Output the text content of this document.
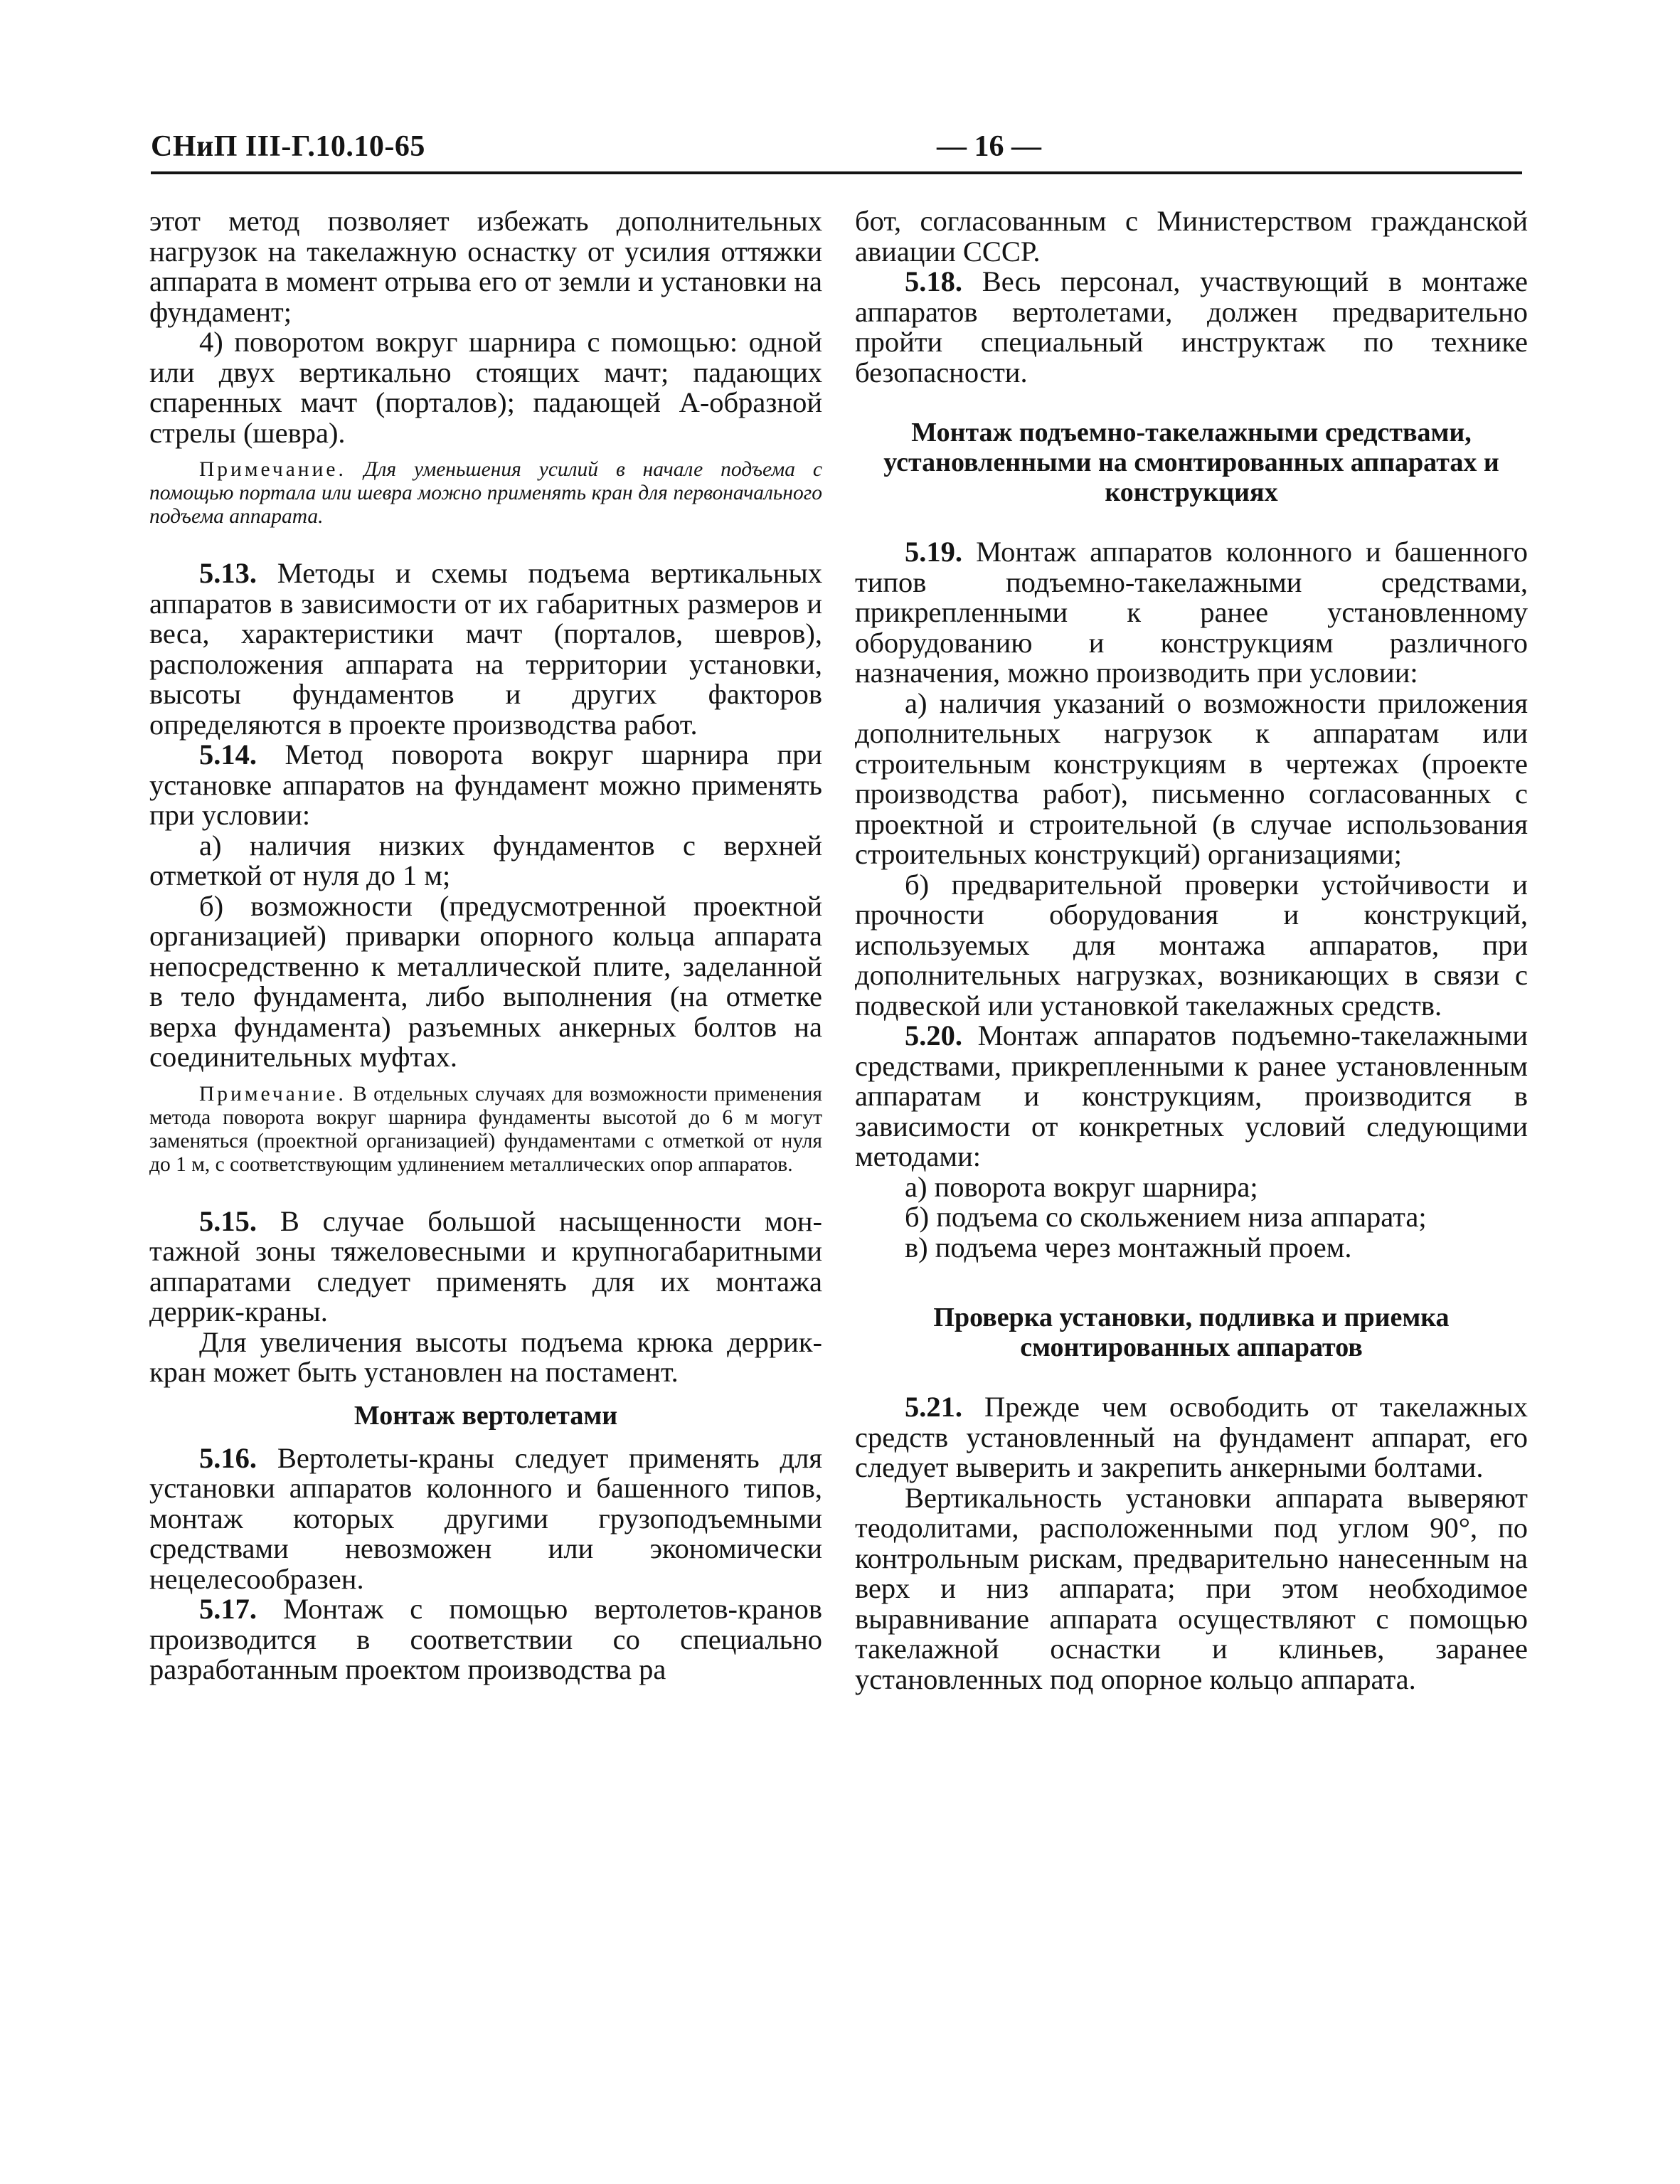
СНиП III-Г.10.10-65	— 16 —

этот метод позволяет избежать дополнительных нагрузок на такелажную оснастку от усилия оттяжки аппарата в момент отрыва его от земли и установки на фундамент;

4) поворотом вокруг шарнира с помощью: одной или двух вертикально стоящих мачт; падающих спаренных мачт (порталов); падающей А-образной стрелы (шевра).

Примечание. Для уменьшения усилий в начале подъема с помощью портала или шевра можно применять кран для первоначального подъема аппарата.

5.13. Методы и схемы подъема вертикальных аппаратов в зависимости от их габаритных размеров и веса, характеристики мачт (порталов, шевров), расположения аппарата на территории установки, высоты фундаментов и других факторов определяются в проекте производства работ.

5.14. Метод поворота вокруг шарнира при установке аппаратов на фундамент можно применять при условии:

а) наличия низких фундаментов с верхней отметкой от нуля до 1 м;

б) возможности (предусмотренной проектной организацией) приварки опорного кольца аппарата непосредственно к металлической плите, заделанной в тело фундамента, либо выполнения (на отметке верха фундамента) разъемных анкерных болтов на соединительных муфтах.

Примечание. В отдельных случаях для возможности применения метода поворота вокруг шарнира фундаменты высотой до 6 м могут заменяться (проектной организацией) фундаментами с отметкой от нуля до 1 м, с соответствующим удлинением металлических опор аппаратов.

5.15. В случае большой насыщенности монтажной зоны тяжеловесными и крупногабаритными аппаратами следует применять для их монтажа деррик-краны.

Для увеличения высоты подъема крюка деррик-кран может быть установлен на постамент.

Монтаж вертолетами

5.16. Вертолеты-краны следует применять для установки аппаратов колонного и башенного типов, монтаж которых другими грузоподъемными средствами невозможен или экономически нецелесообразен.

5.17. Монтаж с помощью вертолетов-кранов производится в соответствии со специально разработанным проектом производства ра

бот, согласованным с Министерством гражданской авиации СССР.

5.18. Весь персонал, участвующий в монтаже аппаратов вертолетами, должен предварительно пройти специальный инструктаж по технике безопасности.

Монтаж подъемно-такелажными средствами, установленными на смонтированных аппаратах и конструкциях

5.19. Монтаж аппаратов колонного и башенного типов подъемно-такелажными средствами, прикрепленными к ранее установленному оборудованию и конструкциям различного назначения, можно производить при условии:

а) наличия указаний о возможности приложения дополнительных нагрузок к аппаратам или строительным конструкциям в чертежах (проекте производства работ), письменно согласованных с проектной и строительной (в случае использования строительных конструкций) организациями;

б) предварительной проверки устойчивости и прочности оборудования и конструкций, используемых для монтажа аппаратов, при дополнительных нагрузках, возникающих в связи с подвеской или установкой такелажных средств.

5.20. Монтаж аппаратов подъемно-такелажными средствами, прикрепленными к ранее установленным аппаратам и конструкциям, производится в зависимости от конкретных условий следующими методами:

а) поворота вокруг шарнира;

б) подъема со скольжением низа аппарата;

в) подъема через монтажный проем.

Проверка установки, подливка и приемка смонтированных аппаратов

5.21. Прежде чем освободить от такелажных средств установленный на фундамент аппарат, его следует выверить и закрепить анкерными болтами.

Вертикальность установки аппарата выверяют теодолитами, расположенными под углом 90°, по контрольным рискам, предварительно нанесенным на верх и низ аппарата; при этом необходимое выравнивание аппарата осуществляют с помощью такелажной оснастки и клиньев, заранее установленных под опорное кольцо аппарата.
